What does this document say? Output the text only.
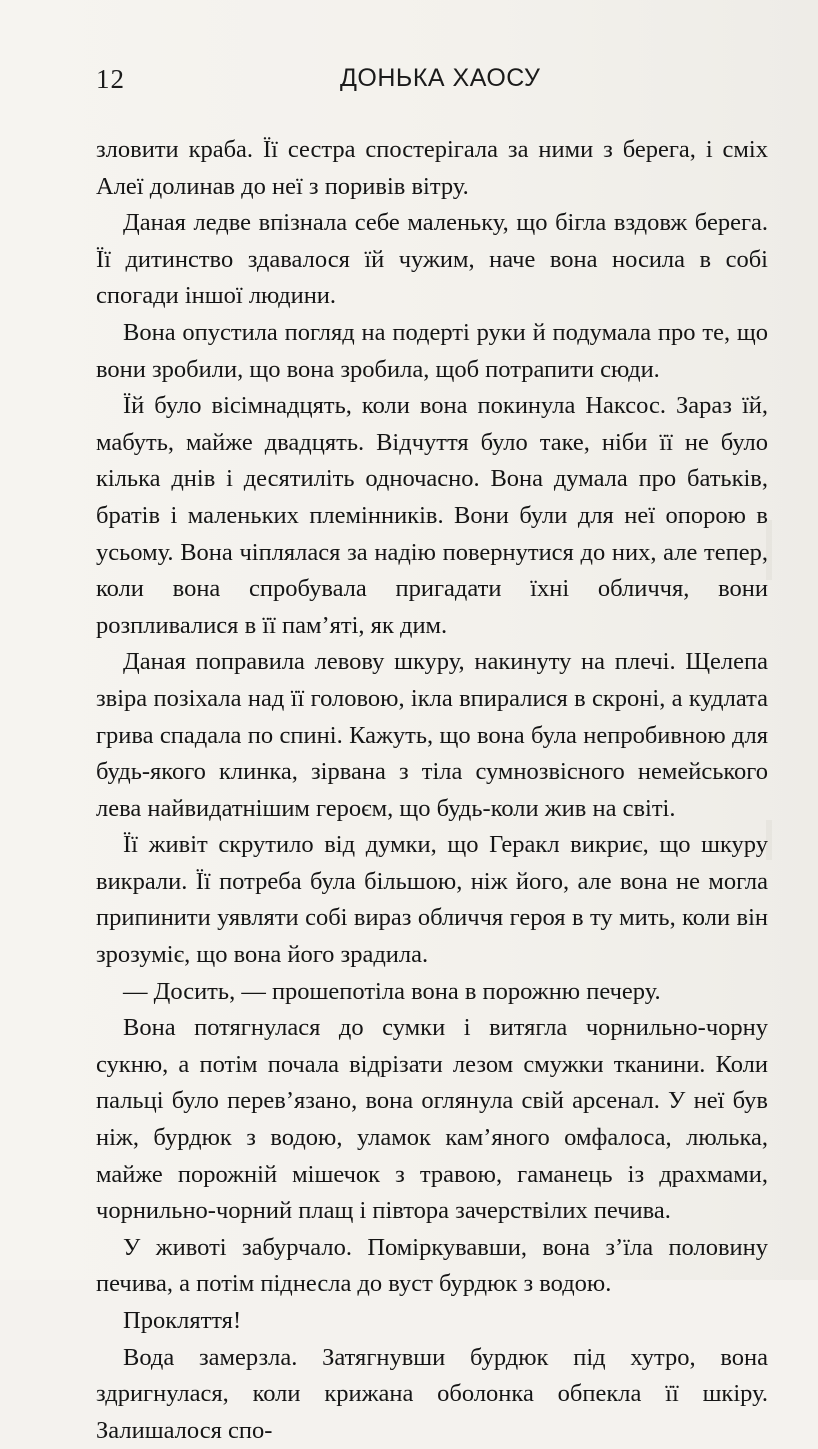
12	ДОНЬКА ХАОСУ

зловити краба. Її сестра спостерігала за ними з берега, і сміх Алеї долинав до неї з поривів вітру.

Даная ледве впізнала себе маленьку, що бігла вздовж берега. Її дитинство здавалося їй чужим, наче вона носила в собі спогади іншої людини.

Вона опустила погляд на подерті руки й подумала про те, що вони зробили, що вона зробила, щоб потрапити сюди.

Їй було вісімнадцять, коли вона покинула Наксос. Зараз їй, мабуть, майже двадцять. Відчуття було таке, ніби її не було кілька днів і десятиліть одночасно. Вона думала про батьків, братів і маленьких племінників. Вони були для неї опорою в усьому. Вона чіплялася за надію повернутися до них, але тепер, коли вона спробувала пригадати їхні обличчя, вони розпливалися в її пам’яті, як дим.

Даная поправила левову шкуру, накинуту на плечі. Щелепа звіра позіхала над її головою, ікла впиралися в скроні, а кудлата грива спадала по спині. Кажуть, що вона була непробивною для будь-якого клинка, зірвана з тіла сумнозвісного немейського лева найвидатнішим героєм, що будь-коли жив на світі.

Її живіт скрутило від думки, що Геракл викриє, що шкуру викрали. Її потреба була більшою, ніж його, але вона не могла припинити уявляти собі вираз обличчя героя в ту мить, коли він зрозуміє, що вона його зрадила.

— Досить, — прошепотіла вона в порожню печеру.

Вона потягнулася до сумки і витягла чорнильно-чорну сукню, а потім почала відрізати лезом смужки тканини. Коли пальці було перев’язано, вона оглянула свій арсенал. У неї був ніж, бурдюк з водою, уламок кам’яного омфалоса, люлька, майже порожній мішечок з травою, гаманець із драхмами, чорнильно-чорний плащ і півтора зачерствілих печива.

У животі забурчало. Поміркувавши, вона з’їла половину печива, а потім піднесла до вуст бурдюк з водою.

Прокляття!

Вода замерзла. Затягнувши бурдюк під хутро, вона здригнулася, коли крижана оболонка обпекла її шкіру. Залишалося спо-
